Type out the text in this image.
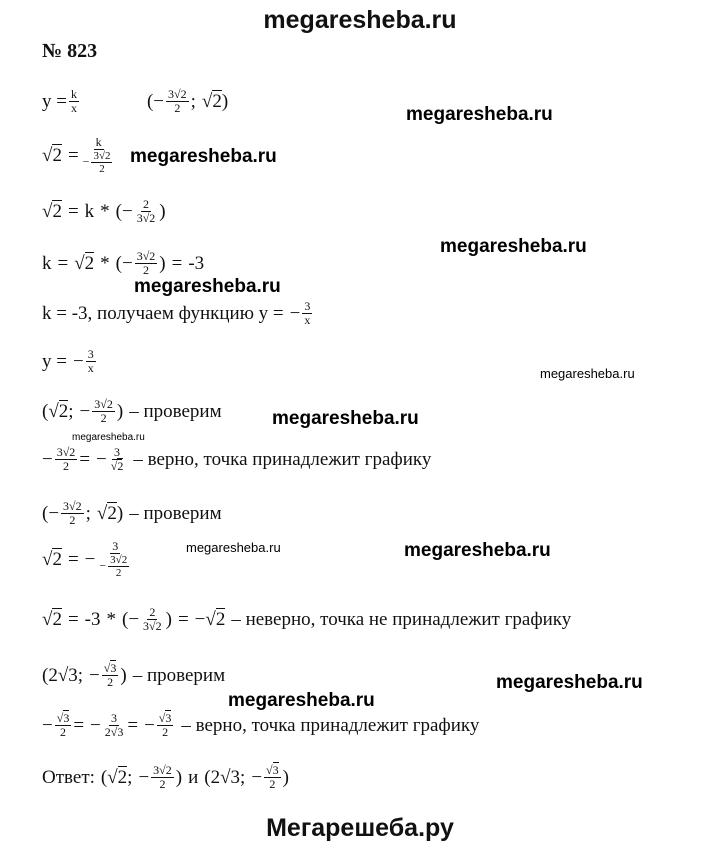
megaresheba.ru
№ 823
$y = \frac{k}{x}$	( − $\frac{3√2}{2}$ ; √ 2 )
√ $2 = \frac{k}{- \frac{3√2}{2}}$
√ 2 = k * ( − $\frac{2}{3√2}$ )
k = √ 2 * ( − $\frac{3√2}{2}$ ) = -3
k = -3, получаем функцию y = − $\frac{3}{x}$
y = − $\frac{3}{x}$
( √ 2 ; − $\frac{3√2}{2}$ ) – проверим
− $\frac{3√2}{2}$ = − $\frac{3}{√2}$ – верно, точка принадлежит графику
( − $\frac{3√2}{2}$ ; √ 2 ) – проверим
√ 2 = − $\frac{3}{- \frac{3√2}{2}}$
√ 2 = -3 * ( − $\frac{2}{3√2}$ ) = − √ 2 – неверно, точка не принадлежит графику
( 2√3 ; − $\frac{√3}{2}$ ) – проверим
− $\frac{√3}{2}$ = − $\frac{3}{2√3}$ = − $\frac{√3}{2}$ – верно, точка принадлежит графику
Ответ: ( √ 2 ; − $\frac{3√2}{2}$ ) и ( 2√3 ; − $\frac{√3}{2}$ )
megaresheba.ru
megaresheba.ru
megaresheba.ru
megaresheba.ru
megaresheba.ru
megaresheba.ru
megaresheba.ru
megaresheba.ru	megaresheba.ru
megaresheba.ru
megaresheba.ru
Мегарешеба.ру
